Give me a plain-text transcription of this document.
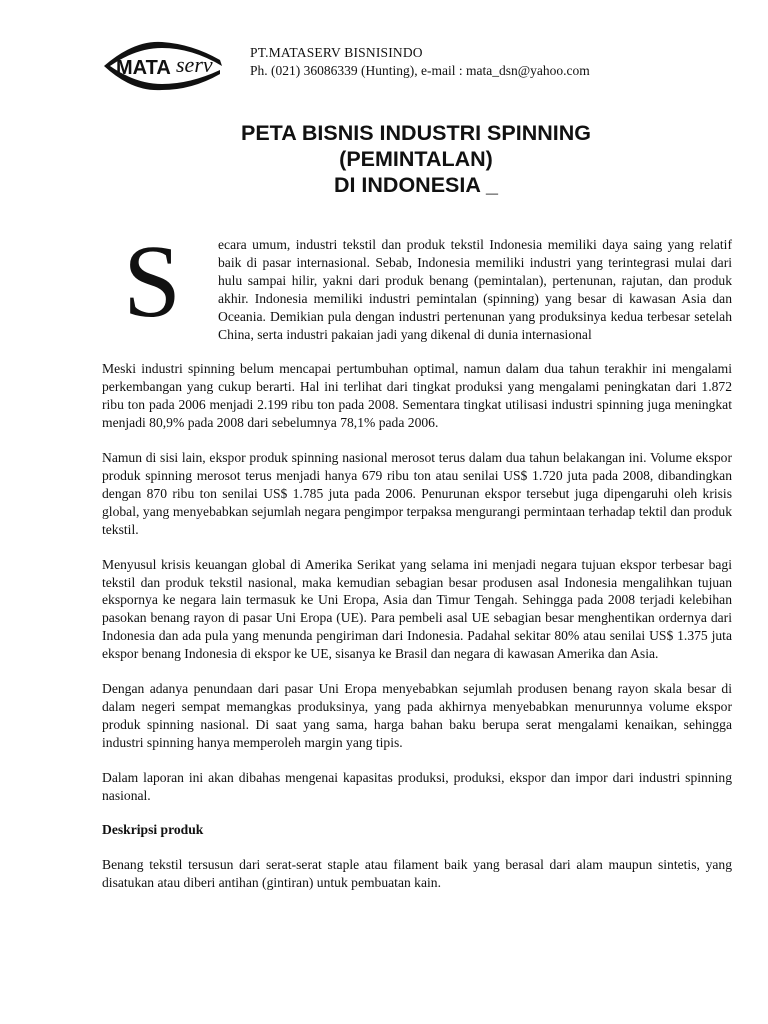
MATA serv	PT.MATASERV BISNISINDO
Ph. (021) 36086339 (Hunting), e-mail : mata_dsn@yahoo.com
PETA BISNIS INDUSTRI SPINNING
(PEMINTALAN)
DI INDONESIA _

S	ecara umum, industri tekstil dan produk tekstil Indonesia memiliki daya saing yang relatif baik di pasar internasional. Sebab, Indonesia memiliki industri yang terintegrasi mulai dari hulu sampai hilir, yakni dari produk benang (pemintalan), pertenunan, rajutan, dan produk akhir. Indonesia memiliki industri pemintalan (spinning) yang besar di kawasan Asia dan Oceania. Demikian pula dengan industri pertenunan yang produksinya kedua terbesar setelah China, serta industri pakaian jadi yang dikenal di dunia internasional

Meski industri spinning belum mencapai pertumbuhan optimal, namun dalam dua tahun terakhir ini mengalami perkembangan yang cukup berarti. Hal ini terlihat dari tingkat produksi yang mengalami peningkatan dari 1.872 ribu ton pada 2006 menjadi 2.199 ribu ton pada 2008. Sementara tingkat utilisasi industri spinning juga meningkat menjadi 80,9% pada 2008 dari sebelumnya 78,1% pada 2006.

Namun di sisi lain, ekspor produk spinning nasional merosot terus dalam dua tahun belakangan ini. Volume ekspor produk spinning merosot terus menjadi hanya 679 ribu ton atau senilai US$ 1.720 juta pada 2008, dibandingkan dengan 870 ribu ton senilai US$ 1.785 juta pada 2006. Penurunan ekspor tersebut juga dipengaruhi oleh krisis global, yang menyebabkan sejumlah negara pengimpor terpaksa mengurangi permintaan terhadap tektil dan produk tekstil.

Menyusul krisis keuangan global di Amerika Serikat yang selama ini menjadi negara tujuan ekspor terbesar bagi tekstil dan produk tekstil nasional, maka kemudian sebagian besar produsen asal Indonesia mengalihkan tujuan ekspornya ke negara lain termasuk ke Uni Eropa, Asia dan Timur Tengah. Sehingga pada 2008 terjadi kelebihan pasokan benang rayon di pasar Uni Eropa (UE). Para pembeli asal UE sebagian besar menghentikan ordernya dari Indonesia dan ada pula yang menunda pengiriman dari Indonesia. Padahal sekitar 80% atau senilai US$ 1.375 juta ekspor benang Indonesia di ekspor ke UE, sisanya ke Brasil dan negara di kawasan Amerika dan Asia.

Dengan adanya penundaan dari pasar Uni Eropa menyebabkan sejumlah produsen benang rayon skala besar di dalam negeri sempat memangkas produksinya, yang pada akhirnya menyebabkan menurunnya volume ekspor produk spinning nasional. Di saat yang sama, harga bahan baku berupa serat mengalami kenaikan, sehingga industri spinning hanya memperoleh margin yang tipis.

Dalam laporan ini akan dibahas mengenai kapasitas produksi, produksi, ekspor dan impor dari industri spinning nasional.

Deskripsi produk

Benang tekstil tersusun dari serat-serat staple atau filament baik yang berasal dari alam maupun sintetis, yang disatukan atau diberi antihan (gintiran) untuk pembuatan kain.
